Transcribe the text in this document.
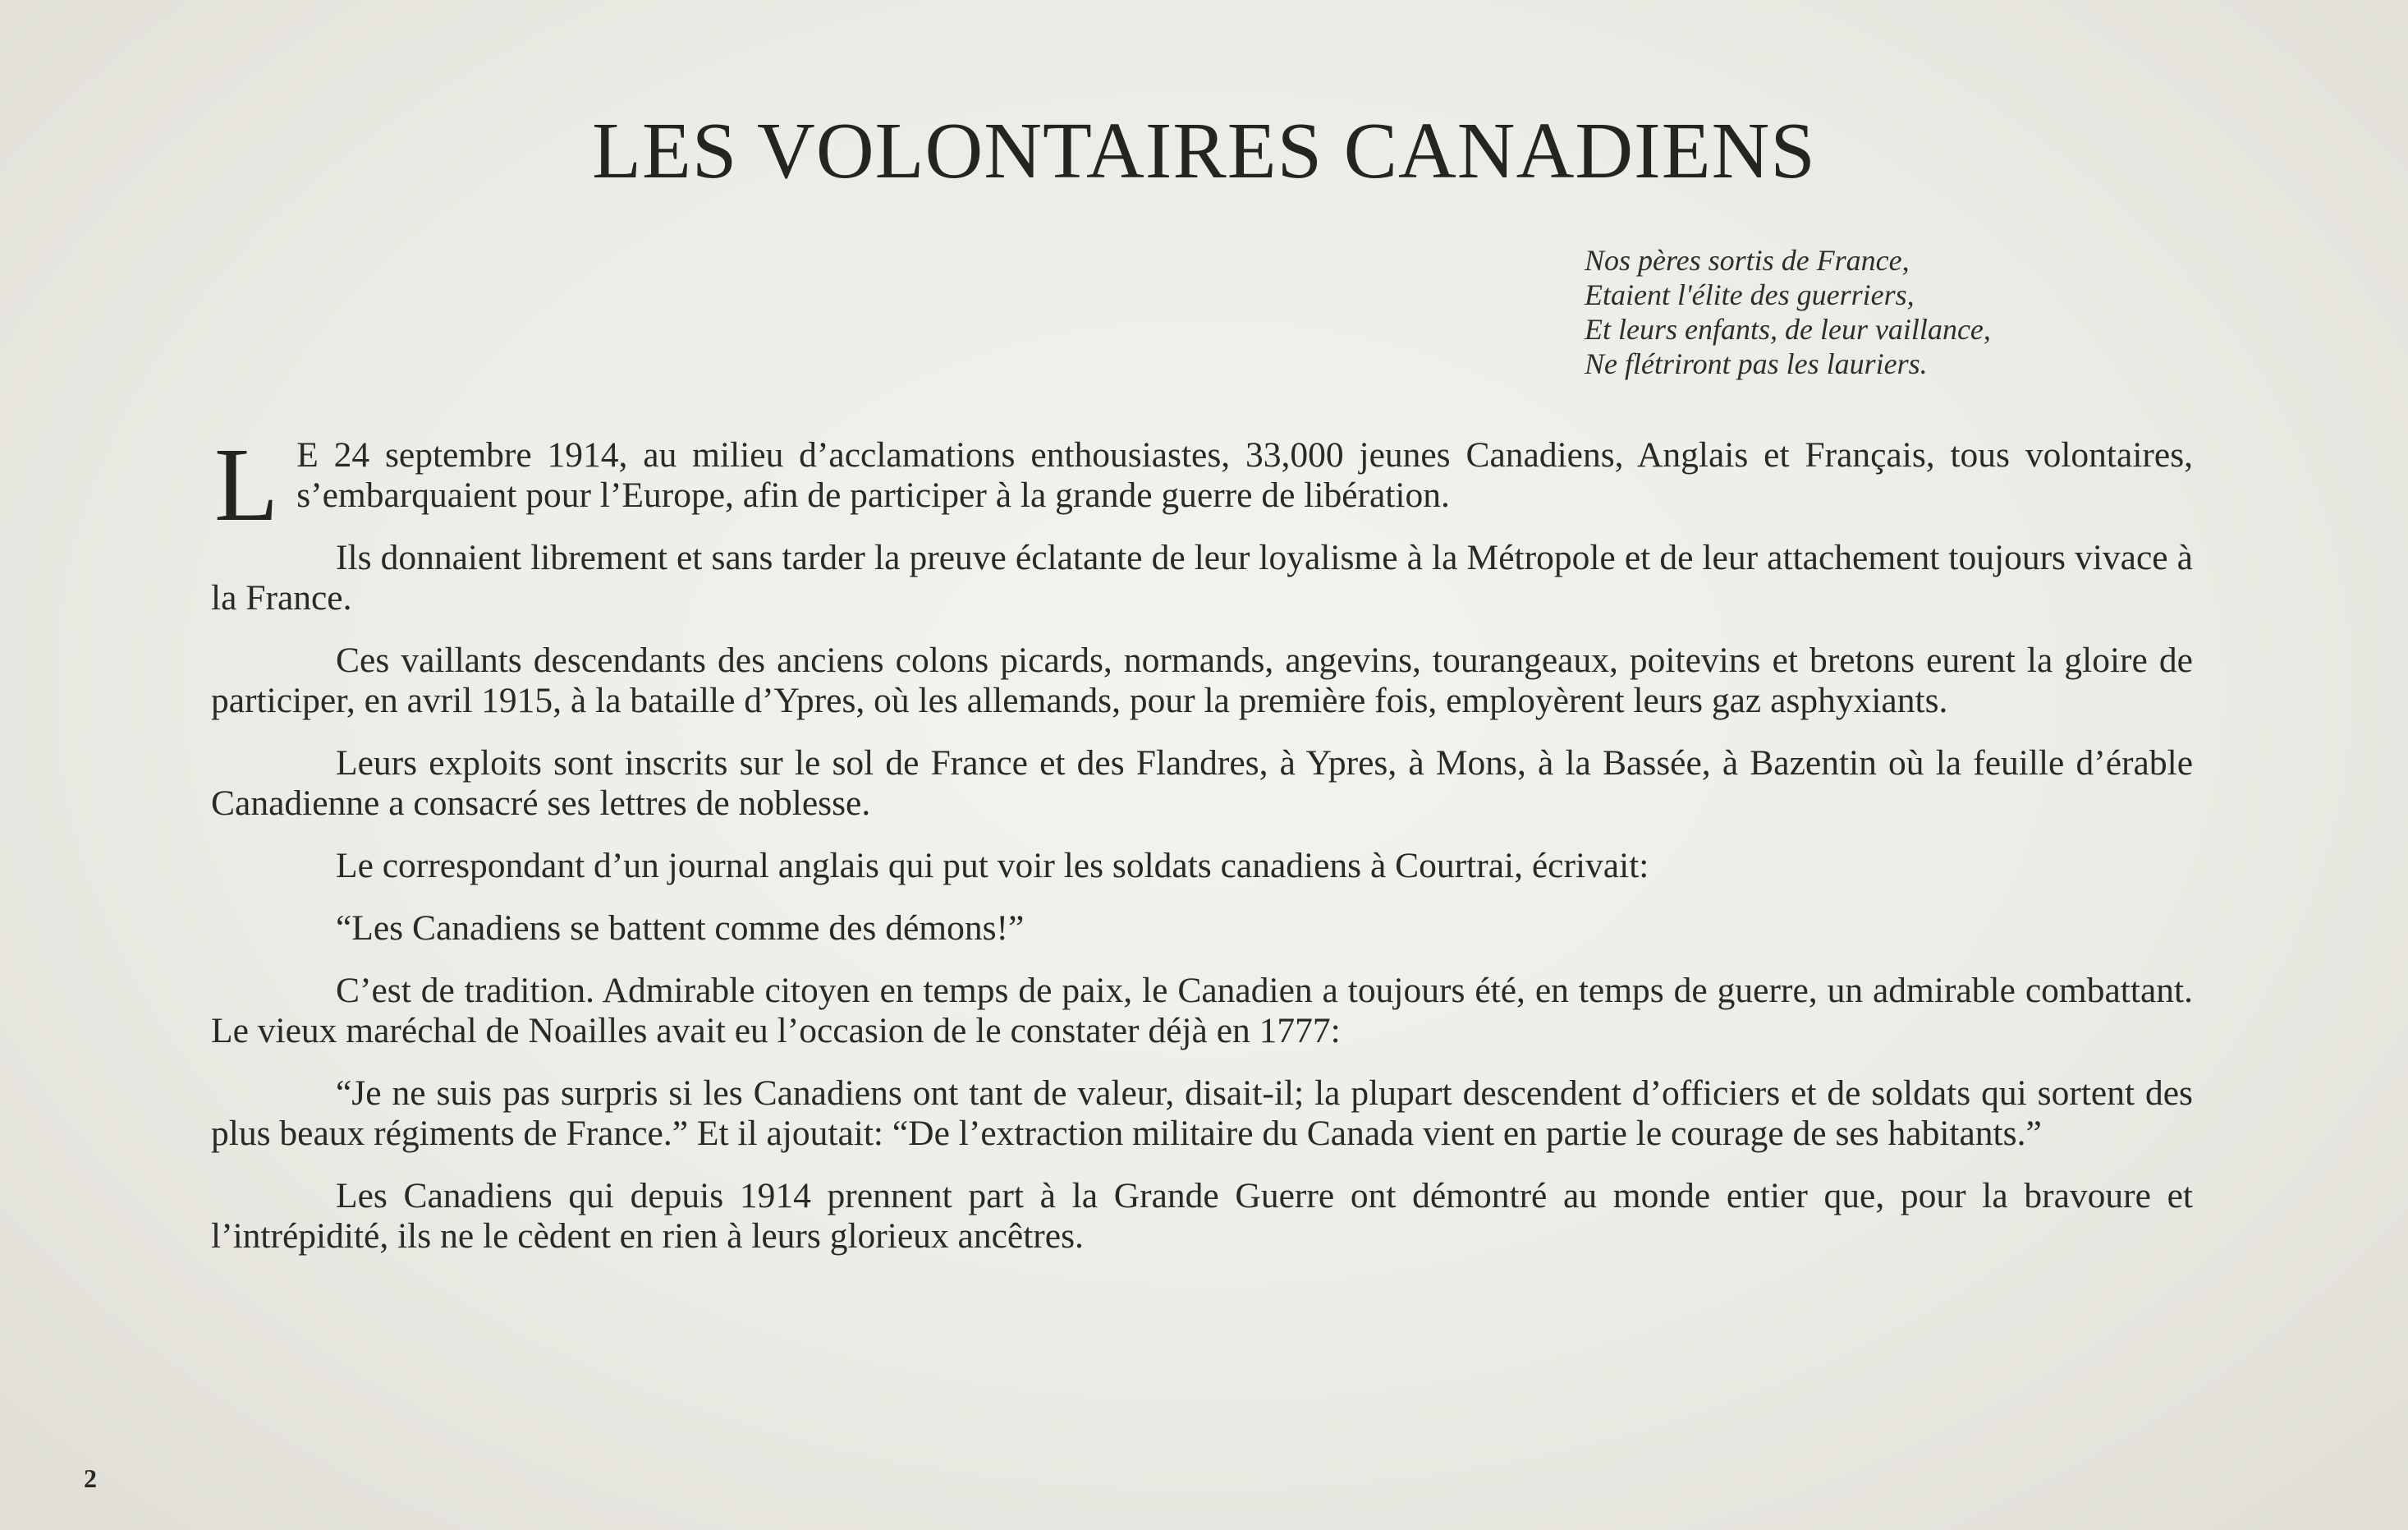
LES VOLONTAIRES CANADIENS
Nos pères sortis de France,
Etaient l'élite des guerriers,
Et leurs enfants, de leur vaillance,
Ne flétriront pas les lauriers.

L E 24 septembre 1914, au milieu d’acclamations enthousiastes, 33,000 jeunes Canadiens, Anglais et Français, tous volontaires, s’embarquaient pour l’Europe, afin de participer à la grande guerre de libération.

Ils donnaient librement et sans tarder la preuve éclatante de leur loyalisme à la Métropole et de leur attachement toujours vivace à la France.

Ces vaillants descendants des anciens colons picards, normands, angevins, tourangeaux, poitevins et bretons eurent la gloire de participer, en avril 1915, à la bataille d’Ypres, où les allemands, pour la première fois, employèrent leurs gaz asphyxiants.

Leurs exploits sont inscrits sur le sol de France et des Flandres, à Ypres, à Mons, à la Bassée, à Bazentin où la feuille d’érable Canadienne a consacré ses lettres de noblesse.

Le correspondant d’un journal anglais qui put voir les soldats canadiens à Courtrai, écrivait:

“Les Canadiens se battent comme des démons!”

C’est de tradition. Admirable citoyen en temps de paix, le Canadien a toujours été, en temps de guerre, un admirable combattant. Le vieux maréchal de Noailles avait eu l’occasion de le constater déjà en 1777:

“Je ne suis pas surpris si les Canadiens ont tant de valeur, disait-il; la plupart descendent d’officiers et de soldats qui sortent des plus beaux régiments de France.” Et il ajoutait: “De l’extraction militaire du Canada vient en partie le courage de ses habitants.”

Les Canadiens qui depuis 1914 prennent part à la Grande Guerre ont démontré au monde entier que, pour la bravoure et l’intrépidité, ils ne le cèdent en rien à leurs glorieux ancêtres.

2
